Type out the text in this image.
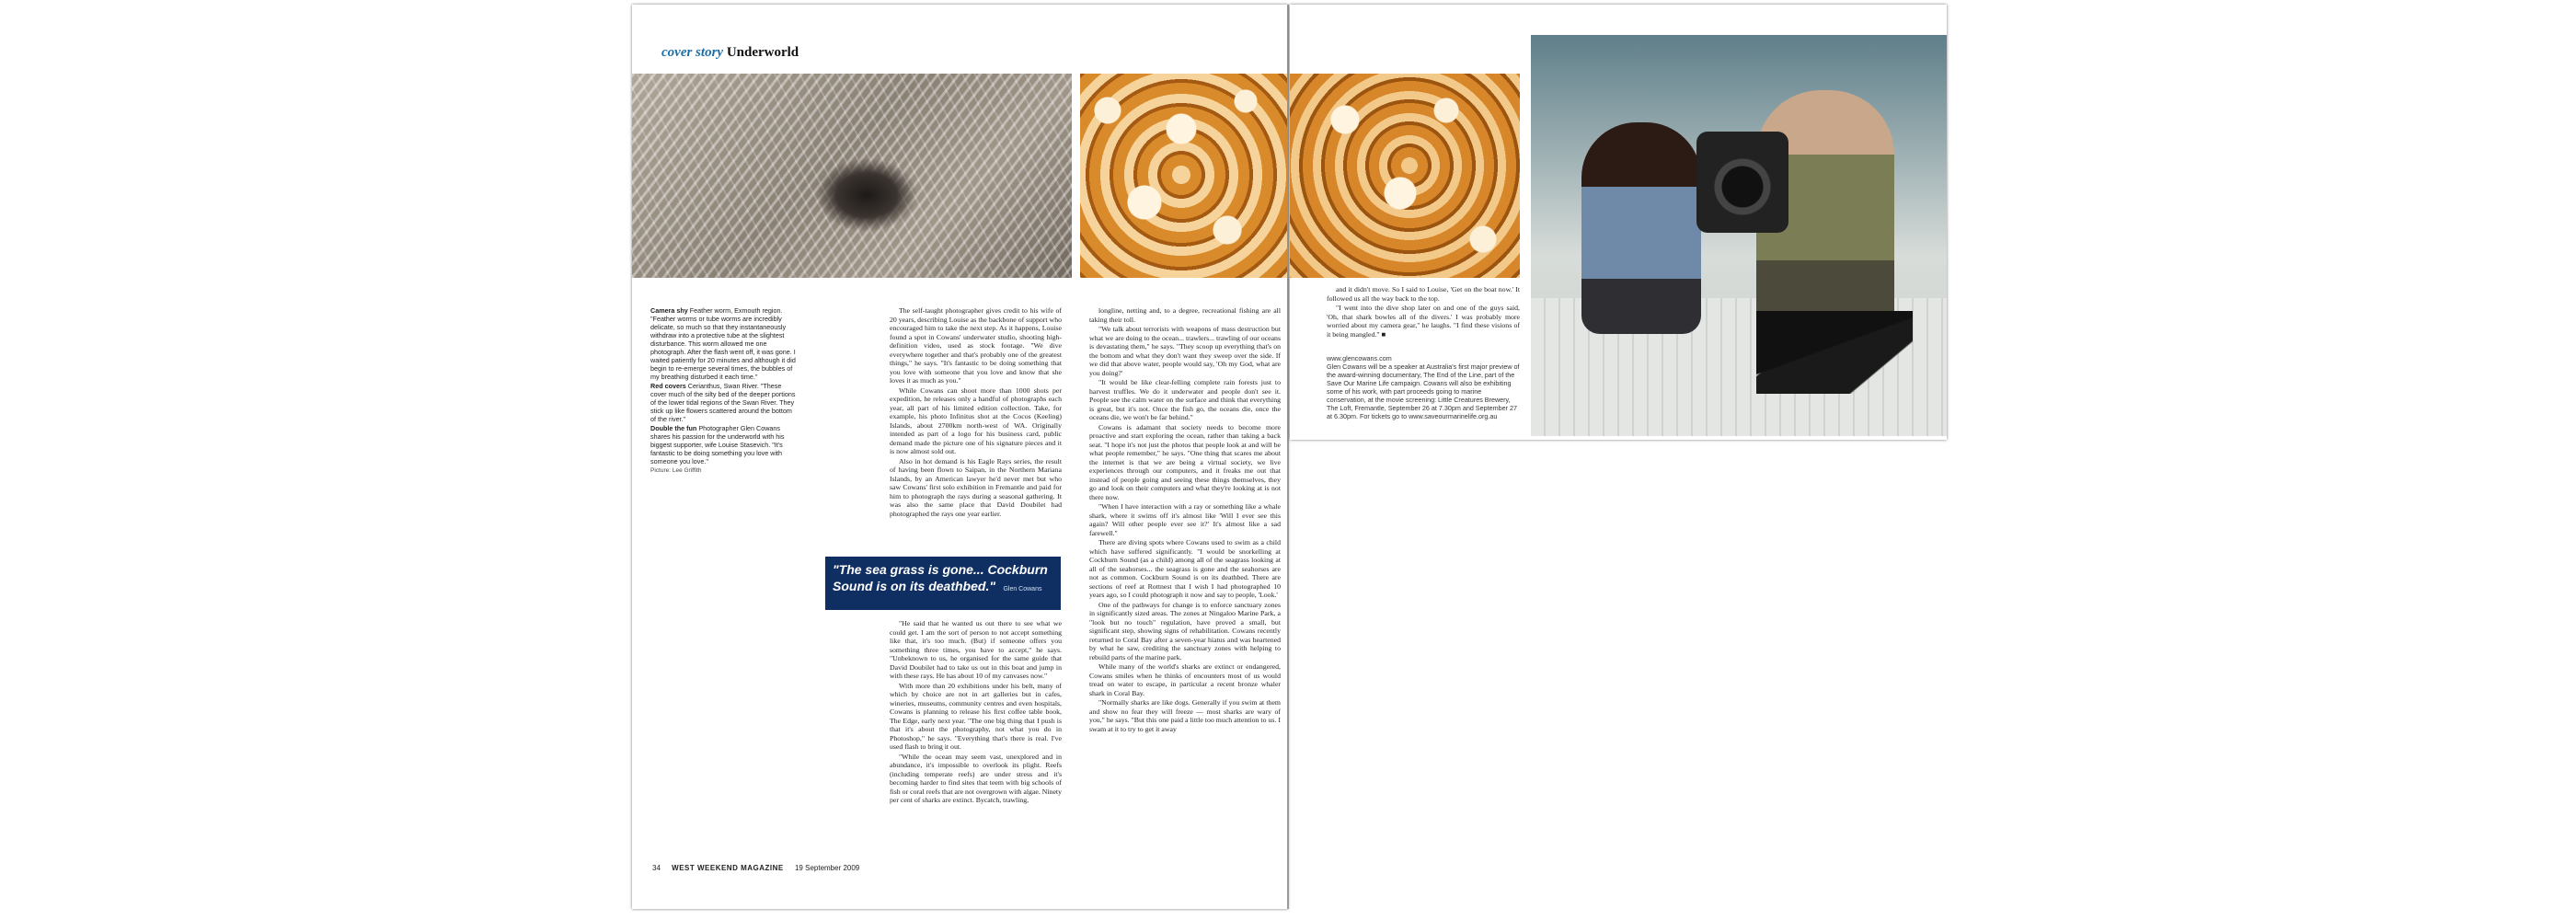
cover story Underworld

Camera shy Feather worm, Exmouth region. "Feather worms or tube worms are incredibly delicate, so much so that they instantaneously withdraw into a protective tube at the slightest disturbance. This worm allowed me one photograph. After the flash went off, it was gone. I waited patiently for 20 minutes and although it did begin to re-emerge several times, the bubbles of my breathing disturbed it each time."

Red covers Cerianthus, Swan River. "These cover much of the silty bed of the deeper portions of the lower tidal regions of the Swan River. They stick up like flowers scattered around the bottom of the river."

Double the fun Photographer Glen Cowans shares his passion for the underworld with his biggest supporter, wife Louise Stasevich. "It's fantastic to be doing something you love with someone you love."

Picture: Lee Griffith

The self-taught photographer gives credit to his wife of 20 years, describing Louise as the backbone of support who encouraged him to take the next step. As it happens, Louise found a spot in Cowans' underwater studio, shooting high-definition video, used as stock footage. "We dive everywhere together and that's probably one of the greatest things," he says. "It's fantastic to be doing something that you love with someone that you love and know that she loves it as much as you."

While Cowans can shoot more than 1000 shots per expedition, he releases only a handful of photographs each year, all part of his limited edition collection. Take, for example, his photo Infinitus shot at the Cocos (Keeling) Islands, about 2700km north-west of WA. Originally intended as part of a logo for his business card, public demand made the picture one of his signature pieces and it is now almost sold out.

Also in hot demand is his Eagle Rays series, the result of having been flown to Saipan, in the Northern Mariana Islands, by an American lawyer he'd never met but who saw Cowans' first solo exhibition in Fremantle and paid for him to photograph the rays during a seasonal gathering. It was also the same place that David Doubilet had photographed the rays one year earlier.

"The sea grass is gone... Cockburn Sound is on its deathbed." Glen Cowans

"He said that he wanted us out there to see what we could get. I am the sort of person to not accept something like that, it's too much. (But) if someone offers you something three times, you have to accept," he says. "Unbeknown to us, he organised for the same guide that David Doubilet had to take us out in this boat and jump in with these rays. He has about 10 of my canvases now."

With more than 20 exhibitions under his belt, many of which by choice are not in art galleries but in cafes, wineries, museums, community centres and even hospitals, Cowans is planning to release his first coffee table book, The Edge, early next year. "The one big thing that I push is that it's about the photography, not what you do in Photoshop," he says. "Everything that's there is real. I've used flash to bring it out.

"While the ocean may seem vast, unexplored and in abundance, it's impossible to overlook its plight. Reefs (including temperate reefs) are under stress and it's becoming harder to find sites that teem with big schools of fish or coral reefs that are not overgrown with algae. Ninety per cent of sharks are extinct. Bycatch, trawling,

longline, netting and, to a degree, recreational fishing are all taking their toll.

"We talk about terrorists with weapons of mass destruction but what we are doing to the ocean... trawlers... trawling of our oceans is devastating them," he says. "They scoop up everything that's on the bottom and what they don't want they sweep over the side. If we did that above water, people would say, 'Oh my God, what are you doing?'

"It would be like clear-felling complete rain forests just to harvest truffles. We do it underwater and people don't see it. People see the calm water on the surface and think that everything is great, but it's not. Once the fish go, the oceans die, once the oceans die, we won't be far behind."

Cowans is adamant that society needs to become more proactive and start exploring the ocean, rather than taking a back seat. "I hope it's not just the photos that people look at and will be what people remember," he says. "One thing that scares me about the internet is that we are being a virtual society, we live experiences through our computers, and it freaks me out that instead of people going and seeing these things themselves, they go and look on their computers and what they're looking at is not there now.

"When I have interaction with a ray or something like a whale shark, where it swims off it's almost like 'Will I ever see this again? Will other people ever see it?' It's almost like a sad farewell."

There are diving spots where Cowans used to swim as a child which have suffered significantly. "I would be snorkelling at Cockburn Sound (as a child) among all of the seagrass looking at all of the seahorses... the seagrass is gone and the seahorses are not as common. Cockburn Sound is on its deathbed. There are sections of reef at Rottnest that I wish I had photographed 10 years ago, so I could photograph it now and say to people, 'Look.'

One of the pathways for change is to enforce sanctuary zones in significantly sized areas. The zones at Ningaloo Marine Park, a "look but no touch" regulation, have proved a small, but significant step, showing signs of rehabilitation. Cowans recently returned to Coral Bay after a seven-year hiatus and was heartened by what he saw, crediting the sanctuary zones with helping to rebuild parts of the marine park.

While many of the world's sharks are extinct or endangered, Cowans smiles when he thinks of encounters most of us would tread on water to escape, in particular a recent bronze whaler shark in Coral Bay.

"Normally sharks are like dogs. Generally if you swim at them and show no fear they will freeze — most sharks are wary of you," he says. "But this one paid a little too much attention to us. I swam at it to try to get it away

34 WEST WEEKEND MAGAZINE 19 September 2009

and it didn't move. So I said to Louise, 'Get on the boat now.' It followed us all the way back to the top.

"I went into the dive shop later on and one of the guys said, 'Oh, that shark bowles all of the divers.' I was probably more worried about my camera gear," he laughs. "I find these visions of it being mangled." ■

www.glencowans.com

Glen Cowans will be a speaker at Australia's first major preview of the award-winning documentary, The End of the Line, part of the Save Our Marine Life campaign. Cowans will also be exhibiting some of his work, with part proceeds going to marine conservation, at the movie screening: Little Creatures Brewery, The Loft, Fremantle, September 26 at 7.30pm and September 27 at 6.30pm. For tickets go to www.saveourmarinelife.org.au
